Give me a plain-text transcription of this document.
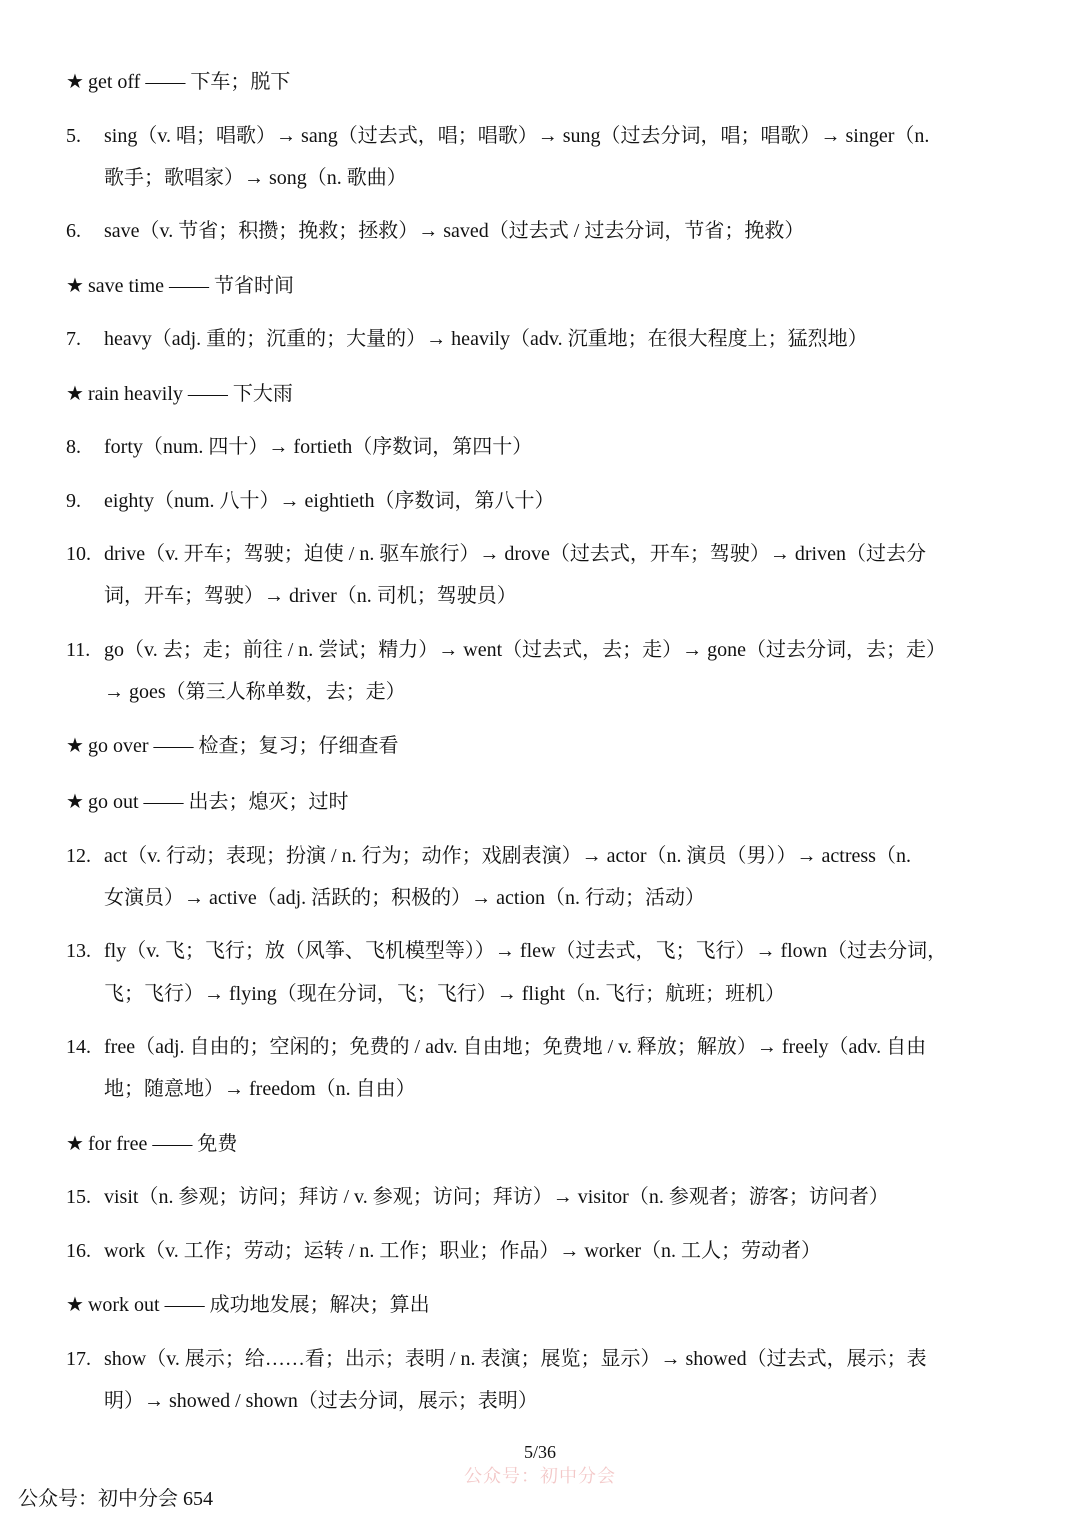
★ get off —— 下车；脱下
5. sing（v. 唱；唱歌）→ sang（过去式，唱；唱歌）→ sung（过去分词，唱；唱歌）→ singer（n.
歌手；歌唱家）→ song（n. 歌曲）
6. save（v. 节省；积攒；挽救；拯救）→ saved（过去式 / 过去分词，节省；挽救）
★ save time —— 节省时间
7. heavy（adj. 重的；沉重的；大量的）→ heavily（adv. 沉重地；在很大程度上；猛烈地）
★ rain heavily —— 下大雨
8. forty（num. 四十）→ fortieth（序数词，第四十）
9. eighty（num. 八十）→ eightieth（序数词，第八十）
10. drive（v. 开车；驾驶；迫使 / n. 驱车旅行）→ drove（过去式，开车；驾驶）→ driven（过去分
词，开车；驾驶）→ driver（n. 司机；驾驶员）
11. go（v. 去；走；前往 / n. 尝试；精力）→ went（过去式，去；走）→ gone（过去分词，去；走）
→ goes（第三人称单数，去；走）
★ go over —— 检查；复习；仔细查看
★ go out —— 出去；熄灭；过时
12. act（v. 行动；表现；扮演 / n. 行为；动作；戏剧表演）→ actor（n. 演员（男））→ actress（n.
女演员）→ active（adj. 活跃的；积极的）→ action（n. 行动；活动）
13. fly（v. 飞；飞行；放（风筝、飞机模型等））→ flew（过去式，飞；飞行）→ flown（过去分词，
飞；飞行）→ flying（现在分词，飞；飞行）→ flight（n. 飞行；航班；班机）
14. free（adj. 自由的；空闲的；免费的 / adv. 自由地；免费地 / v. 释放；解放）→ freely（adv. 自由
地；随意地）→ freedom（n. 自由）
★ for free —— 免费
15. visit（n. 参观；访问；拜访 / v. 参观；访问；拜访）→ visitor（n. 参观者；游客；访问者）
16. work（v. 工作；劳动；运转 / n. 工作；职业；作品）→ worker（n. 工人；劳动者）
★ work out —— 成功地发展；解决；算出
17. show（v. 展示；给……看；出示；表明 / n. 表演；展览；显示）→ showed（过去式，展示；表
明）→ showed / shown（过去分词，展示；表明）
5/36
公众号：初中分会
公众号：初中分会 654
